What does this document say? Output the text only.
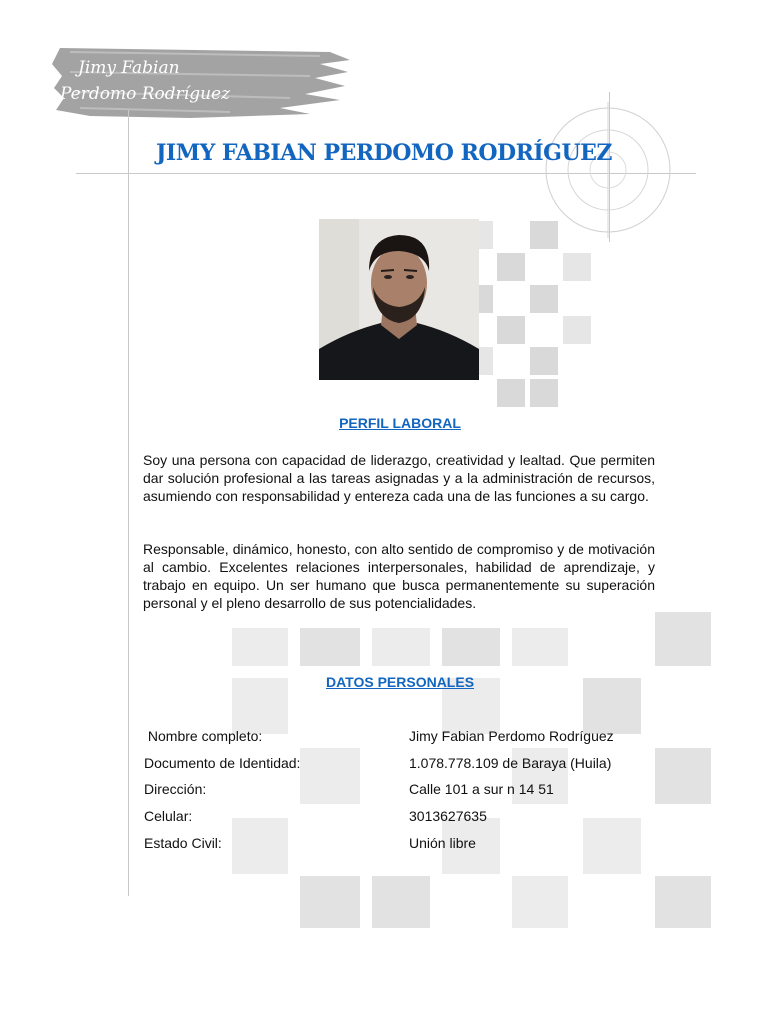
Jimy Fabian
Perdomo Rodríguez
JIMY FABIAN PERDOMO RODRÍGUEZ
PERFIL LABORAL
Soy una persona con capacidad de liderazgo, creatividad y lealtad. Que permiten dar solución profesional a las tareas asignadas y a la administración de recursos, asumiendo con responsabilidad y entereza cada una de las funciones a su cargo.
Responsable, dinámico, honesto, con alto sentido de compromiso y de motivación al cambio. Excelentes relaciones interpersonales, habilidad de aprendizaje, y trabajo en equipo. Un ser humano que busca permanentemente su superación personal y el pleno desarrollo de sus potencialidades.
DATOS PERSONALES
Nombre completo:	Jimy Fabian Perdomo Rodríguez
Documento de Identidad:	1.078.778.109 de Baraya (Huila)
Dirección:	Calle 101 a sur n 14 51
Celular:	3013627635
Estado Civil:	Unión libre
